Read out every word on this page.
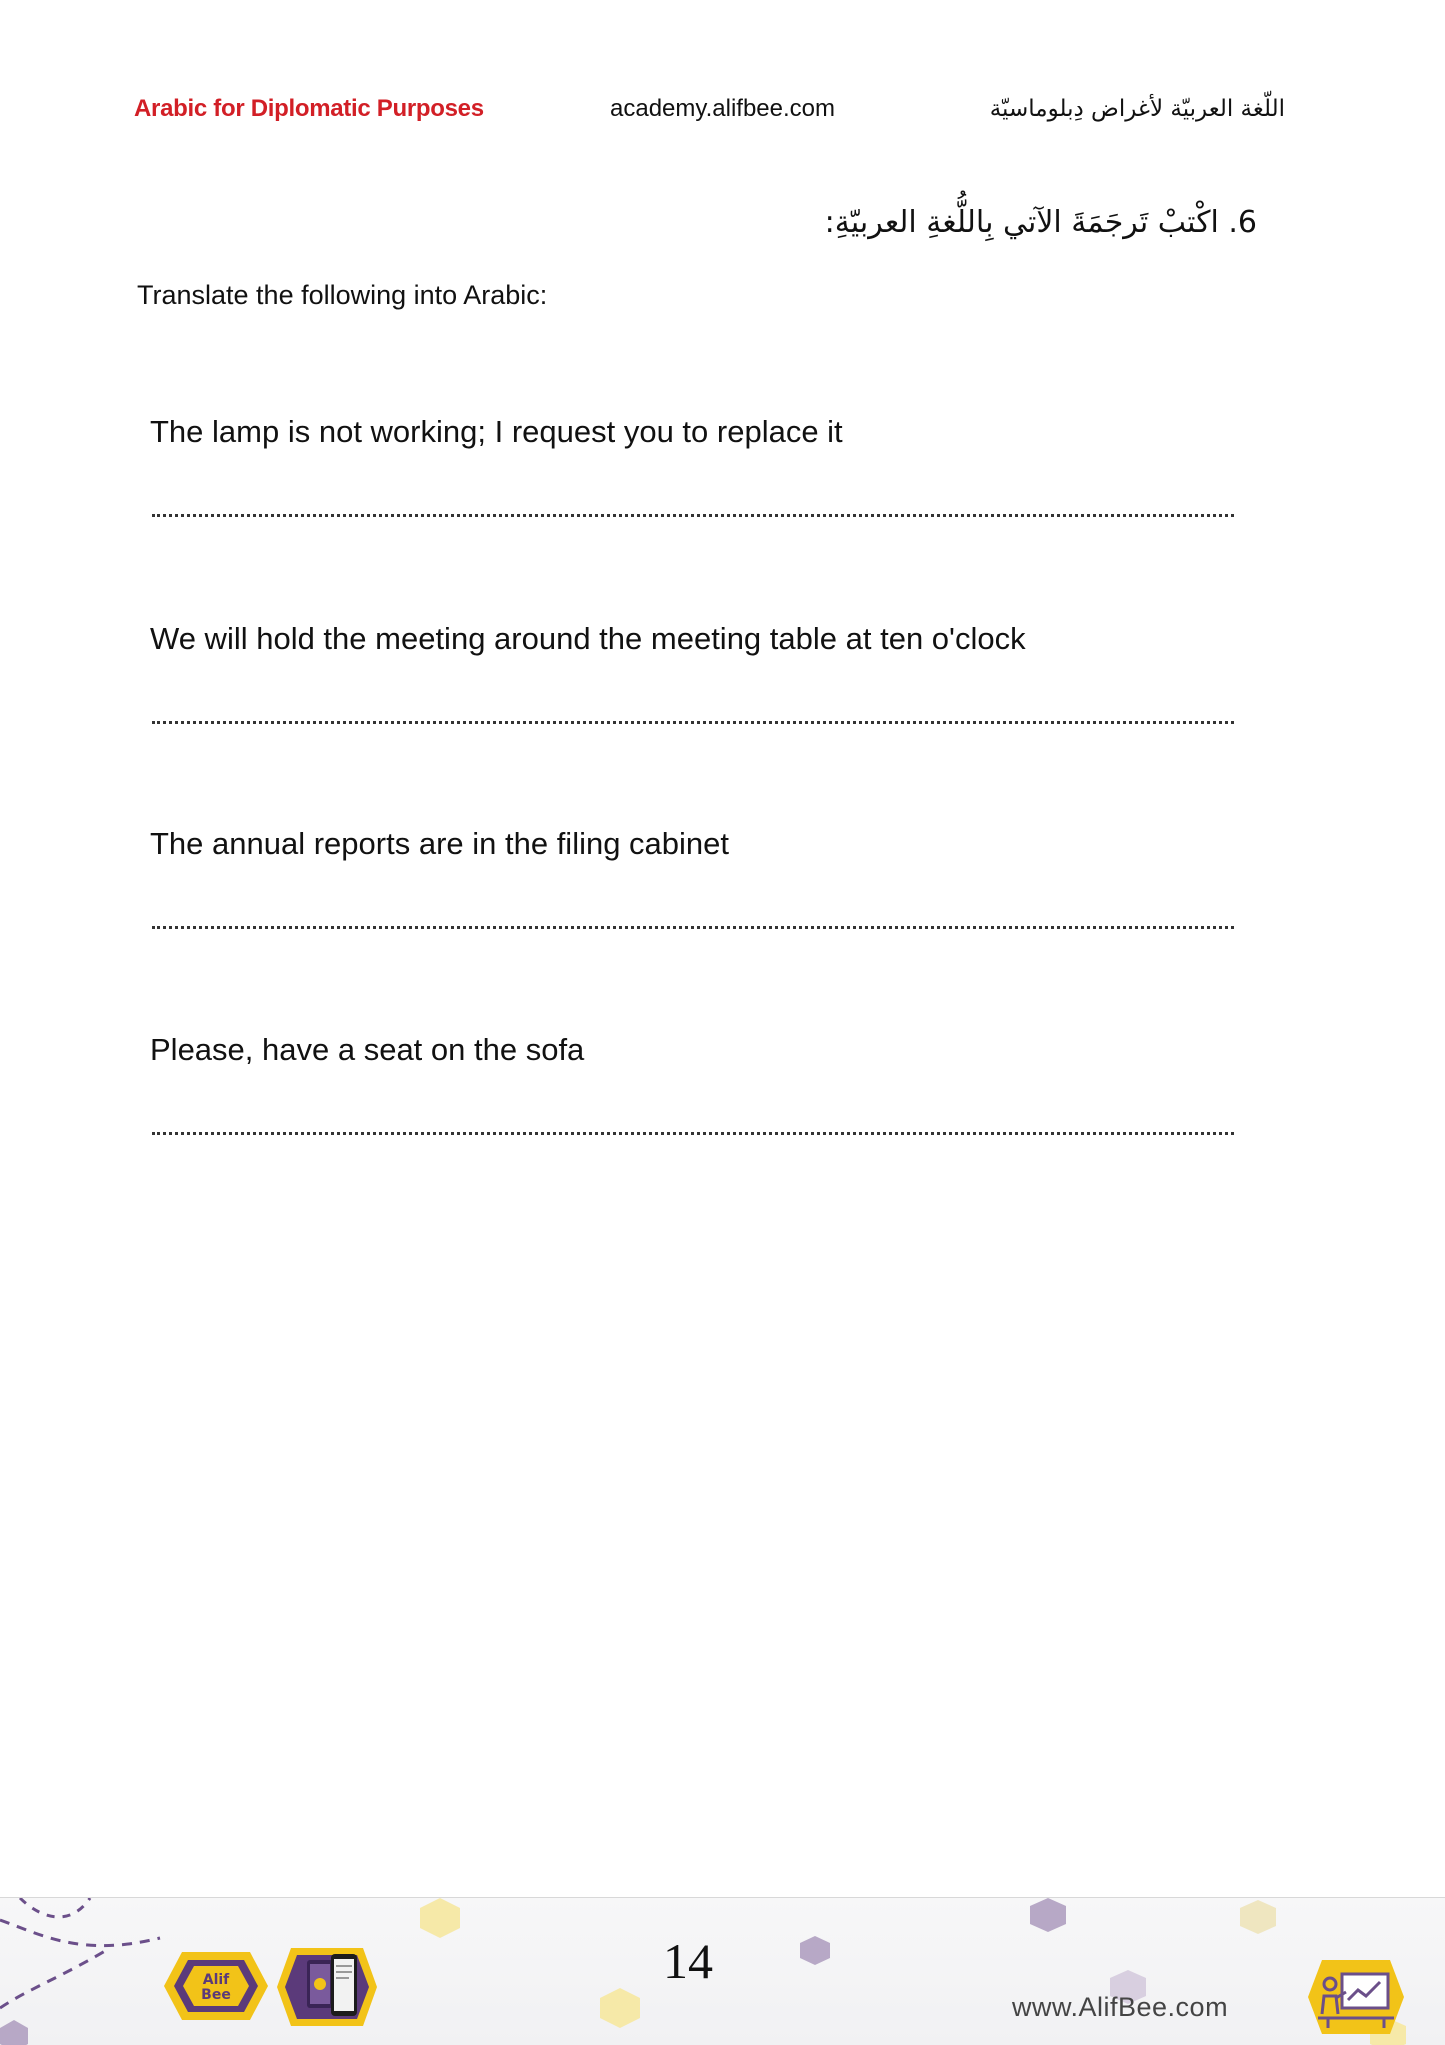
Arabic for Diplomatic Purposes	academy.alifbee.com	اللّغة العربيّة لأغراض دِبلوماسيّة
6. اكْتبْ تَرجَمَةَ الآتي بِاللُّغةِ العربيّةِ:
Translate the following into Arabic:
The lamp is not working; I request you to replace it
We will hold the meeting around the meeting table at ten o'clock
The annual reports are in the filing cabinet
Please, have a seat on the sofa
Alif
Bee
14
www.AlifBee.com
